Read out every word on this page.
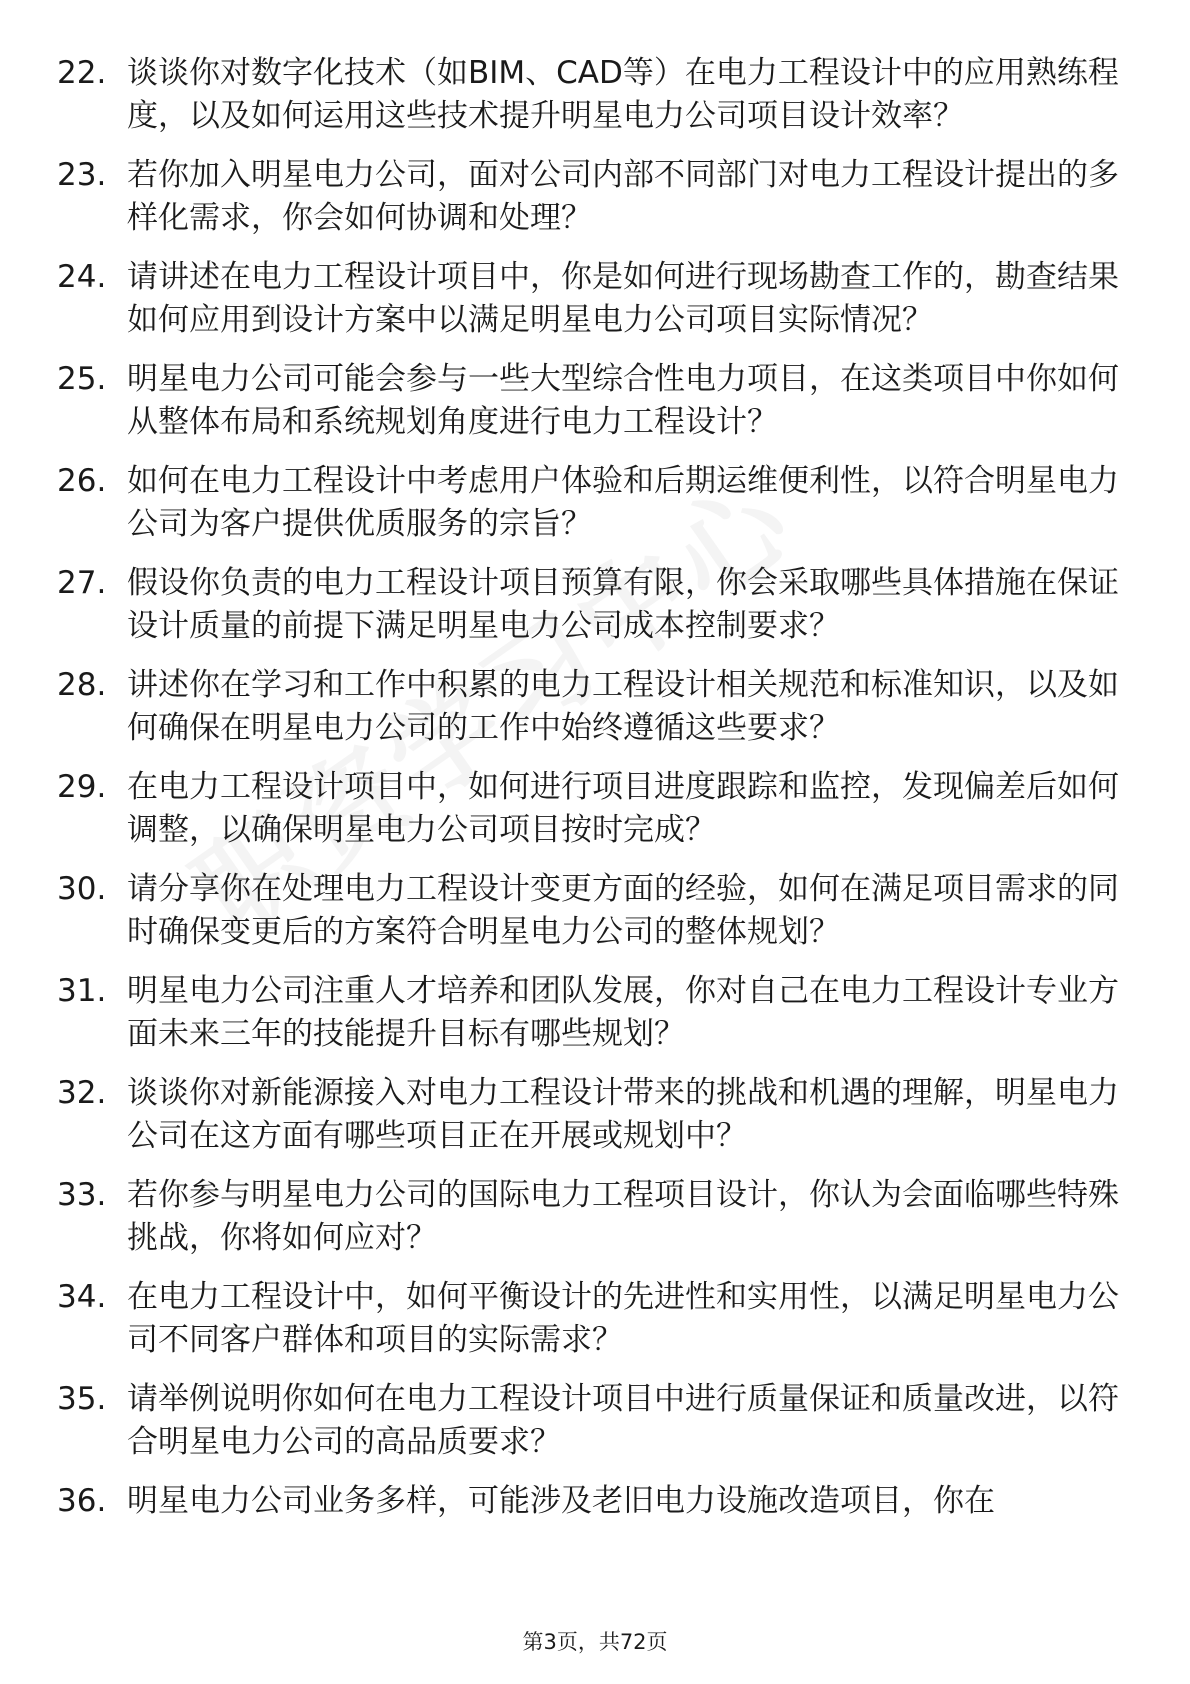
22. 谈谈你对数字化技术（如BIM、CAD等）在电力工程设计中的应用熟练程度，以及如何运用这些技术提升明星电力公司项目设计效率？
23. 若你加入明星电力公司，面对公司内部不同部门对电力工程设计提出的多样化需求，你会如何协调和处理？
24. 请讲述在电力工程设计项目中，你是如何进行现场勘查工作的，勘查结果如何应用到设计方案中以满足明星电力公司项目实际情况？
25. 明星电力公司可能会参与一些大型综合性电力项目，在这类项目中你如何从整体布局和系统规划角度进行电力工程设计？
26. 如何在电力工程设计中考虑用户体验和后期运维便利性，以符合明星电力公司为客户提供优质服务的宗旨？
27. 假设你负责的电力工程设计项目预算有限，你会采取哪些具体措施在保证设计质量的前提下满足明星电力公司成本控制要求？
28. 讲述你在学习和工作中积累的电力工程设计相关规范和标准知识，以及如何确保在明星电力公司的工作中始终遵循这些要求？
29. 在电力工程设计项目中，如何进行项目进度跟踪和监控，发现偏差后如何调整，以确保明星电力公司项目按时完成？
30. 请分享你在处理电力工程设计变更方面的经验，如何在满足项目需求的同时确保变更后的方案符合明星电力公司的整体规划？
31. 明星电力公司注重人才培养和团队发展，你对自己在电力工程设计专业方面未来三年的技能提升目标有哪些规划？
32. 谈谈你对新能源接入对电力工程设计带来的挑战和机遇的理解，明星电力公司在这方面有哪些项目正在开展或规划中？
33. 若你参与明星电力公司的国际电力工程项目设计，你认为会面临哪些特殊挑战，你将如何应对？
34. 在电力工程设计中，如何平衡设计的先进性和实用性，以满足明星电力公司不同客户群体和项目的实际需求？
35. 请举例说明你如何在电力工程设计项目中进行质量保证和质量改进，以符合明星电力公司的高品质要求？
36. 明星电力公司业务多样，可能涉及老旧电力设施改造项目，你在
第3页，共72页
